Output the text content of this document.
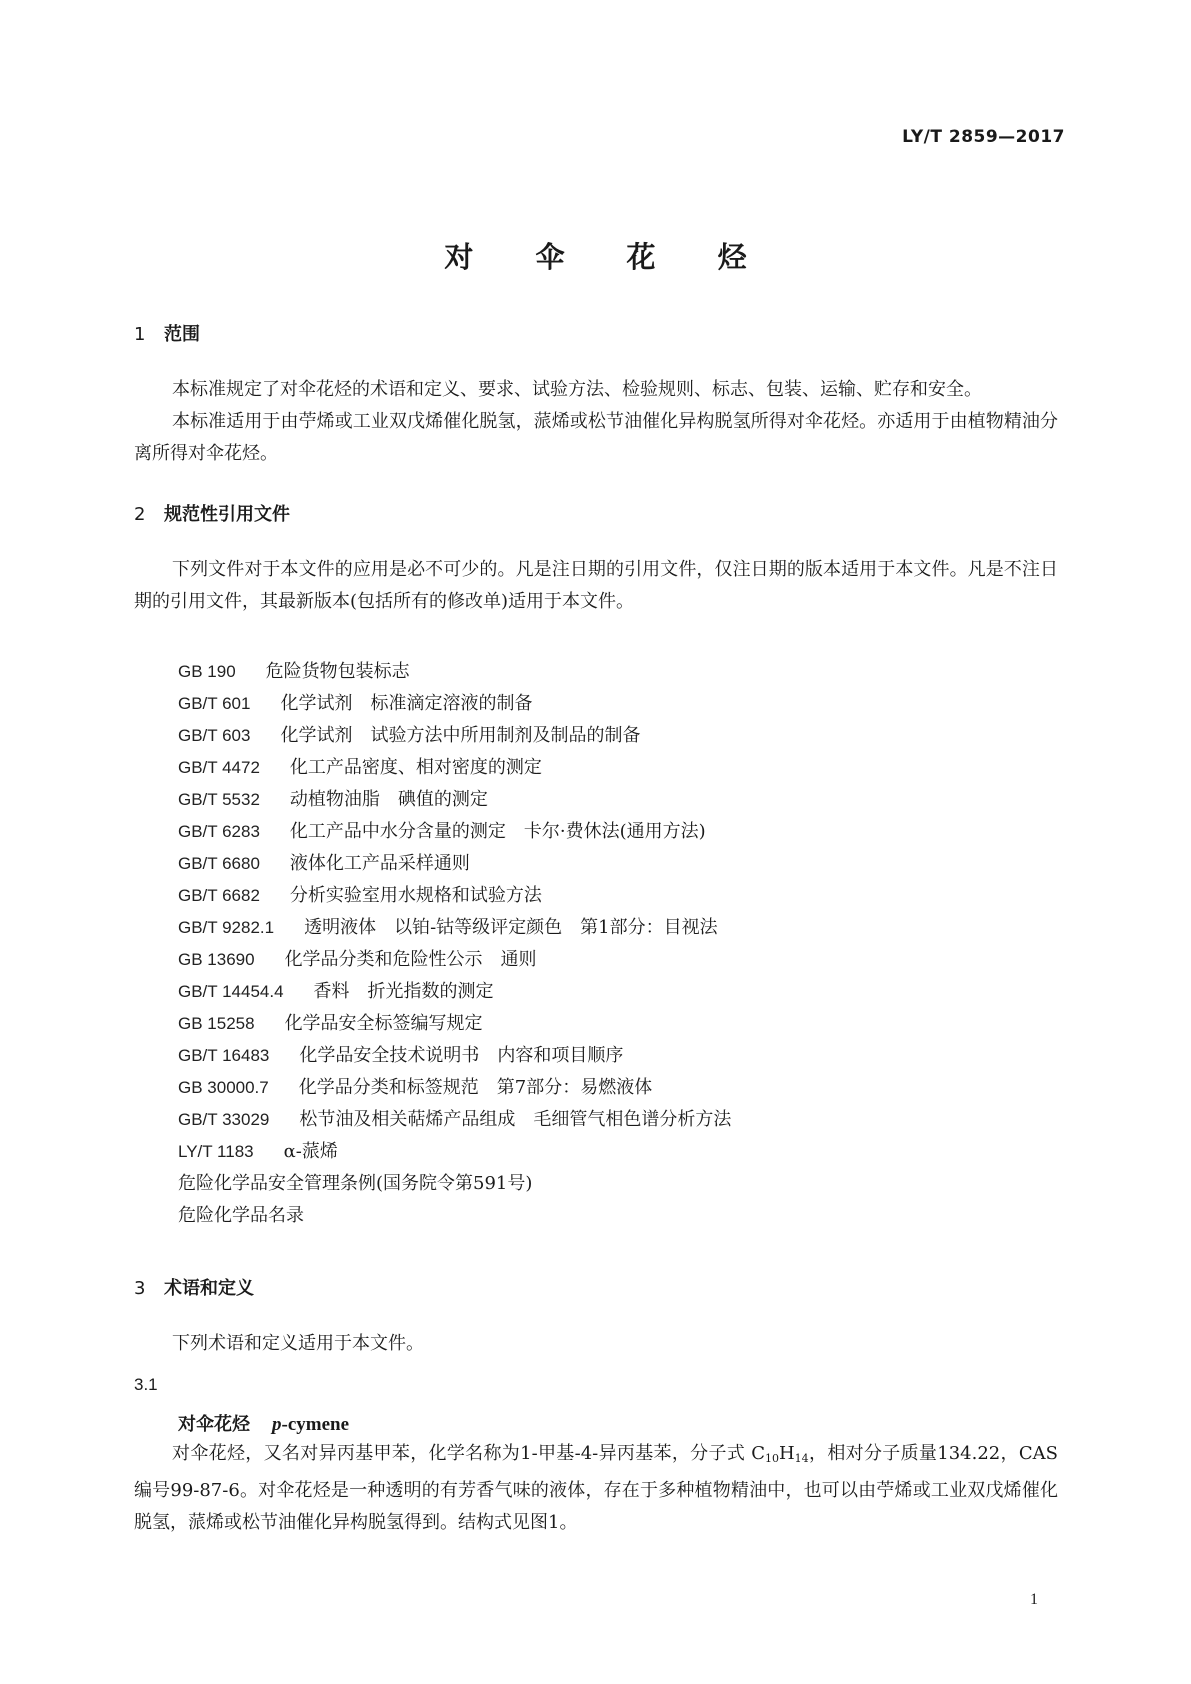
LY/T 2859—2017
对 伞 花 烃
1 范围

本标准规定了对伞花烃的术语和定义、要求、试验方法、检验规则、标志、包装、运输、贮存和安全。

本标准适用于由苧烯或工业双戊烯催化脱氢，蒎烯或松节油催化异构脱氢所得对伞花烃。亦适用于由植物精油分离所得对伞花烃。

2 规范性引用文件

下列文件对于本文件的应用是必不可少的。凡是注日期的引用文件，仅注日期的版本适用于本文件。凡是不注日期的引用文件，其最新版本(包括所有的修改单)适用于本文件。

GB 190 危险货物包装标志
GB/T 601 化学试剂　标准滴定溶液的制备
GB/T 603 化学试剂　试验方法中所用制剂及制品的制备
GB/T 4472 化工产品密度、相对密度的测定
GB/T 5532 动植物油脂　碘值的测定
GB/T 6283 化工产品中水分含量的测定　卡尔·费休法(通用方法)
GB/T 6680 液体化工产品采样通则
GB/T 6682 分析实验室用水规格和试验方法
GB/T 9282.1 透明液体　以铂-钴等级评定颜色　第1部分：目视法
GB 13690 化学品分类和危险性公示　通则
GB/T 14454.4 香料　折光指数的测定
GB 15258 化学品安全标签编写规定
GB/T 16483 化学品安全技术说明书　内容和项目顺序
GB 30000.7 化学品分类和标签规范　第7部分：易燃液体
GB/T 33029 松节油及相关萜烯产品组成　毛细管气相色谱分析方法
LY/T 1183 α-蒎烯
危险化学品安全管理条例(国务院令第591号)
危险化学品名录
3 术语和定义

下列术语和定义适用于本文件。

3.1
对伞花烃 p-cymene

对伞花烃，又名对异丙基甲苯，化学名称为1-甲基-4-异丙基苯，分子式 $C_{10}H_{14}$，相对分子质量134.22，CAS编号99-87-6。对伞花烃是一种透明的有芳香气味的液体，存在于多种植物精油中，也可以由苧烯或工业双戊烯催化脱氢，蒎烯或松节油催化异构脱氢得到。结构式见图1。

1
